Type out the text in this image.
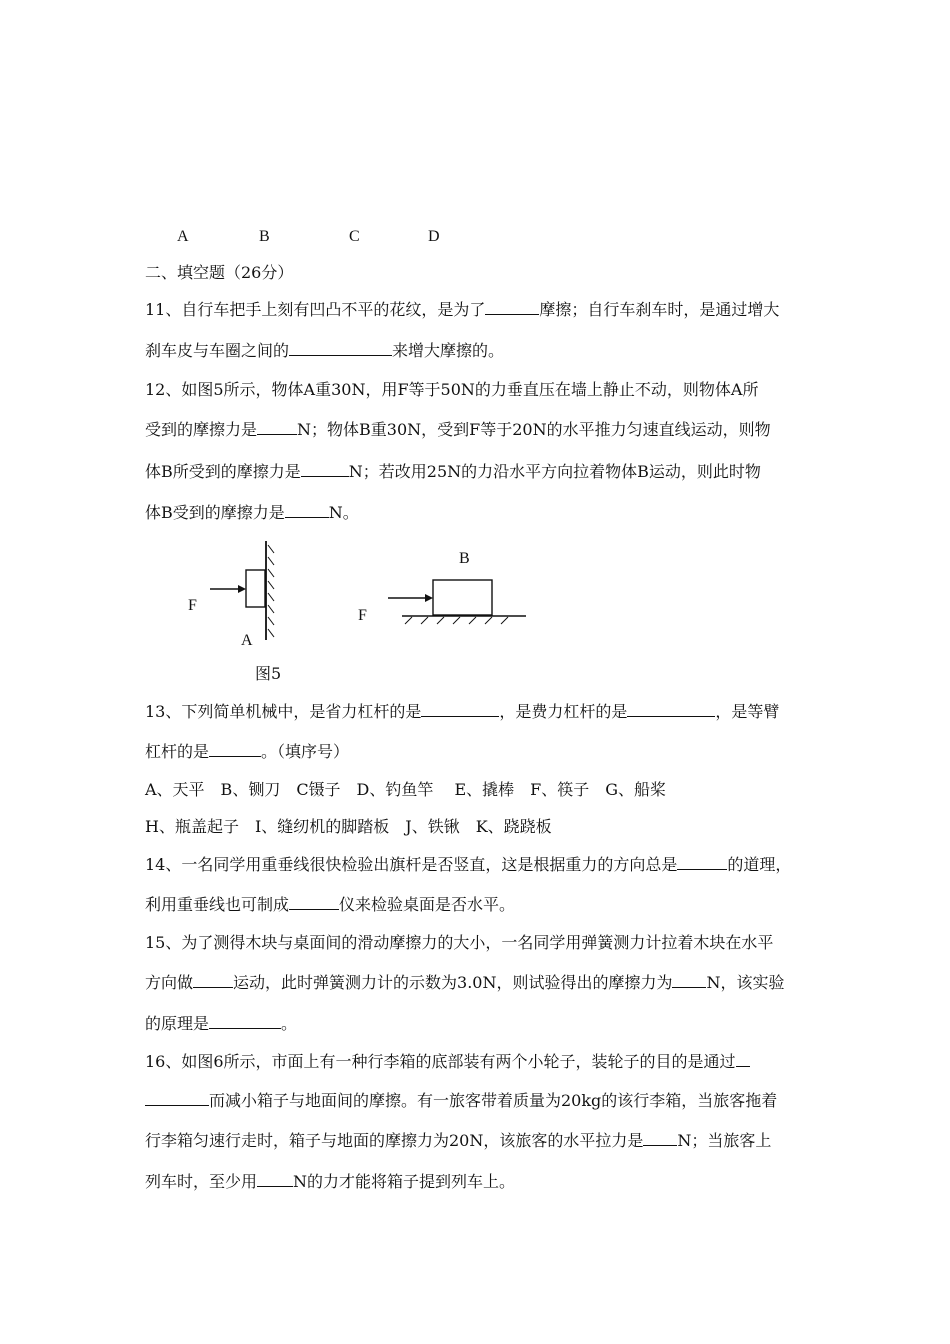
A	B	C	D
二、填空题（26分）
11、自行车把手上刻有凹凸不平的花纹，是为了	摩擦；自行车刹车时，是通过增大
刹车皮与车圈之间的	来增大摩擦的。
12、如图5所示，物体A重30N，用F等于50N的力垂直压在墙上静止不动，则物体A所
受到的摩擦力是	N；物体B重30N，受到F等于20N的水平推力匀速直线运动，则物
体B所受到的摩擦力是	N；若改用25N的力沿水平方向拉着物体B运动，则此时物
体B受到的摩擦力是	N。
F
A
B
F
图5
13、下列简单机械中，是省力杠杆的是	，是费力杠杆的是	，是等臂
杠杆的是	。（填序号）
A、天平　B、铡刀　C镊子　D、钓鱼竿　 E、撬棒　F、筷子　G、船桨
H、瓶盖起子　I、缝纫机的脚踏板　J、铁锹　K、跷跷板
14、一名同学用重垂线很快检验出旗杆是否竖直，这是根据重力的方向总是	的道理，
利用重垂线也可制成	仪来检验桌面是否水平。
15、为了测得木块与桌面间的滑动摩擦力的大小，一名同学用弹簧测力计拉着木块在水平
方向做	运动，此时弹簧测力计的示数为3.0N，则试验得出的摩擦力为 N，该实验
的原理是	。
16、如图6所示，市面上有一种行李箱的底部装有两个小轮子，装轮子的目的是通过
而减小箱子与地面间的摩擦。有一旅客带着质量为20kg的该行李箱，当旅客拖着
行李箱匀速行走时，箱子与地面的摩擦力为20N，该旅客的水平拉力是 N；当旅客上
列车时，至少用 N的力才能将箱子提到列车上。
